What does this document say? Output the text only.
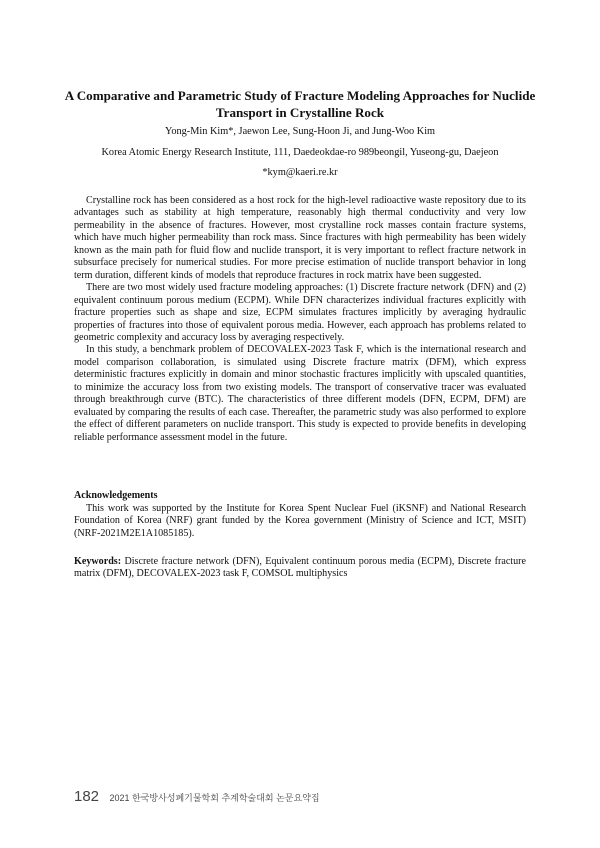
A Comparative and Parametric Study of Fracture Modeling Approaches for Nuclide Transport in Crystalline Rock
Yong-Min Kim*, Jaewon Lee, Sung-Hoon Ji, and Jung-Woo Kim
Korea Atomic Energy Research Institute, 111, Daedeokdae-ro 989beongil, Yuseong-gu, Daejeon
*kym@kaeri.re.kr

Crystalline rock has been considered as a host rock for the high-level radioactive waste repository due to its advantages such as stability at high temperature, reasonably high thermal conductivity and very low permeability in the absence of fractures. However, most crystalline rock masses contain fracture systems, which have much higher permeability than rock mass. Since fractures with high permeability has been widely known as the main path for fluid flow and nuclide transport, it is very important to reflect fracture network in subsurface precisely for numerical studies. For more precise estimation of nuclide transport behavior in long term duration, different kinds of models that reproduce fractures in rock matrix have been suggested.

There are two most widely used fracture modeling approaches: (1) Discrete fracture network (DFN) and (2) equivalent continuum porous medium (ECPM). While DFN characterizes individual fractures explicitly with fracture properties such as shape and size, ECPM simulates fractures implicitly by averaging hydraulic properties of fractures into those of equivalent porous media. However, each approach has problems related to geometric complexity and accuracy loss by averaging respectively.

In this study, a benchmark problem of DECOVALEX-2023 Task F, which is the international research and model comparison collaboration, is simulated using Discrete fracture matrix (DFM), which express deterministic fractures explicitly in domain and minor stochastic fractures implicitly with upscaled quantities, to minimize the accuracy loss from two existing models. The transport of conservative tracer was evaluated through breakthrough curve (BTC). The characteristics of three different models (DFN, ECPM, DFM) are evaluated by comparing the results of each case. Thereafter, the parametric study was also performed to explore the effect of different parameters on nuclide transport. This study is expected to provide benefits in developing reliable performance assessment model in the future.

Acknowledgements

This work was supported by the Institute for Korea Spent Nuclear Fuel (iKSNF) and National Research Foundation of Korea (NRF) grant funded by the Korea government (Ministry of Science and ICT, MSIT) (NRF-2021M2E1A1085185).

Keywords: Discrete fracture network (DFN), Equivalent continuum porous media (ECPM), Discrete fracture matrix (DFM), DECOVALEX-2023 task F, COMSOL multiphysics
182 2021 한국방사성폐기물학회 추계학술대회 논문요약집
